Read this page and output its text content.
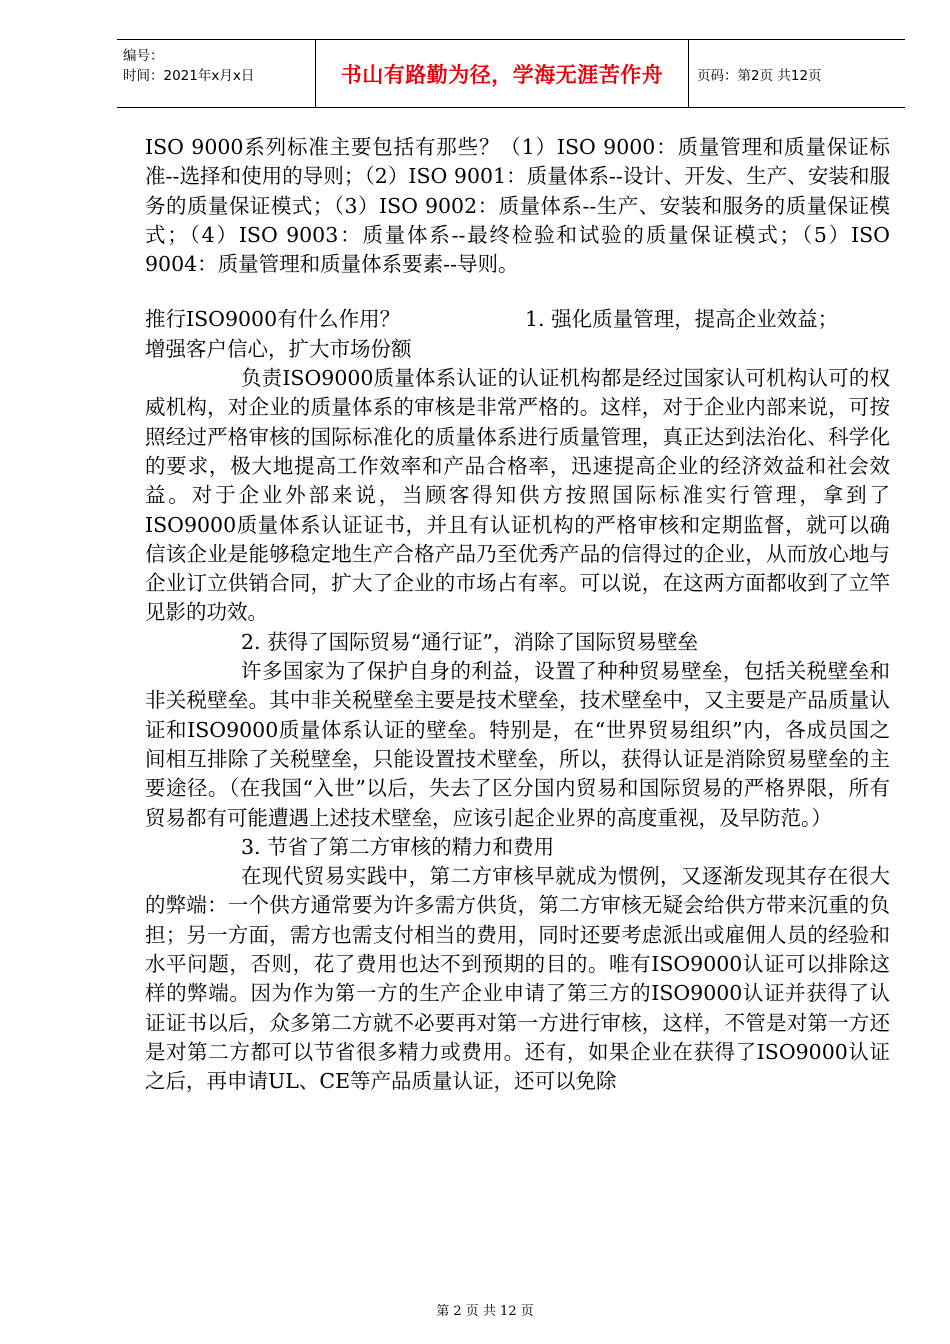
编号：
时间：2021年x月x日	书山有路勤为径，学海无涯苦作舟	页码：第2页 共12页

ISO 9000系列标准主要包括有那些？（1）ISO 9000：质量管理和质量保证标准--选择和使用的导则；（2）ISO 9001：质量体系--设计、开发、生产、安装和服务的质量保证模式；（3）ISO 9002：质量体系--生产、安装和服务的质量保证模式；（4）ISO 9003：质量体系--最终检验和试验的质量保证模式；（5）ISO 9004：质量管理和质量体系要素--导则。

推行ISO9000有什么作用？	1. 强化质量管理，提高企业效益；

增强客户信心，扩大市场份额

负责ISO9000质量体系认证的认证机构都是经过国家认可机构认可的权威机构，对企业的质量体系的审核是非常严格的。这样，对于企业内部来说，可按照经过严格审核的国际标准化的质量体系进行质量管理，真正达到法治化、科学化的要求，极大地提高工作效率和产品合格率，迅速提高企业的经济效益和社会效益。对于企业外部来说，当顾客得知供方按照国际标准实行管理，拿到了ISO9000质量体系认证证书，并且有认证机构的严格审核和定期监督，就可以确信该企业是能够稳定地生产合格产品乃至优秀产品的信得过的企业，从而放心地与企业订立供销合同，扩大了企业的市场占有率。可以说，在这两方面都收到了立竿见影的功效。

2. 获得了国际贸易“通行证”，消除了国际贸易壁垒

许多国家为了保护自身的利益，设置了种种贸易壁垒，包括关税壁垒和非关税壁垒。其中非关税壁垒主要是技术壁垒，技术壁垒中，又主要是产品质量认证和ISO9000质量体系认证的壁垒。特别是，在“世界贸易组织”内，各成员国之间相互排除了关税壁垒，只能设置技术壁垒，所以，获得认证是消除贸易壁垒的主要途径。（在我国“入世”以后，失去了区分国内贸易和国际贸易的严格界限，所有贸易都有可能遭遇上述技术壁垒，应该引起企业界的高度重视，及早防范。）

3. 节省了第二方审核的精力和费用

在现代贸易实践中，第二方审核早就成为惯例，又逐渐发现其存在很大的弊端：一个供方通常要为许多需方供货，第二方审核无疑会给供方带来沉重的负担；另一方面，需方也需支付相当的费用，同时还要考虑派出或雇佣人员的经验和水平问题，否则，花了费用也达不到预期的目的。唯有ISO9000认证可以排除这样的弊端。因为作为第一方的生产企业申请了第三方的ISO9000认证并获得了认证证书以后，众多第二方就不必要再对第一方进行审核，这样，不管是对第一方还是对第二方都可以节省很多精力或费用。还有，如果企业在获得了ISO9000认证之后，再申请UL、CE等产品质量认证，还可以免除

第 2 页 共 12 页
